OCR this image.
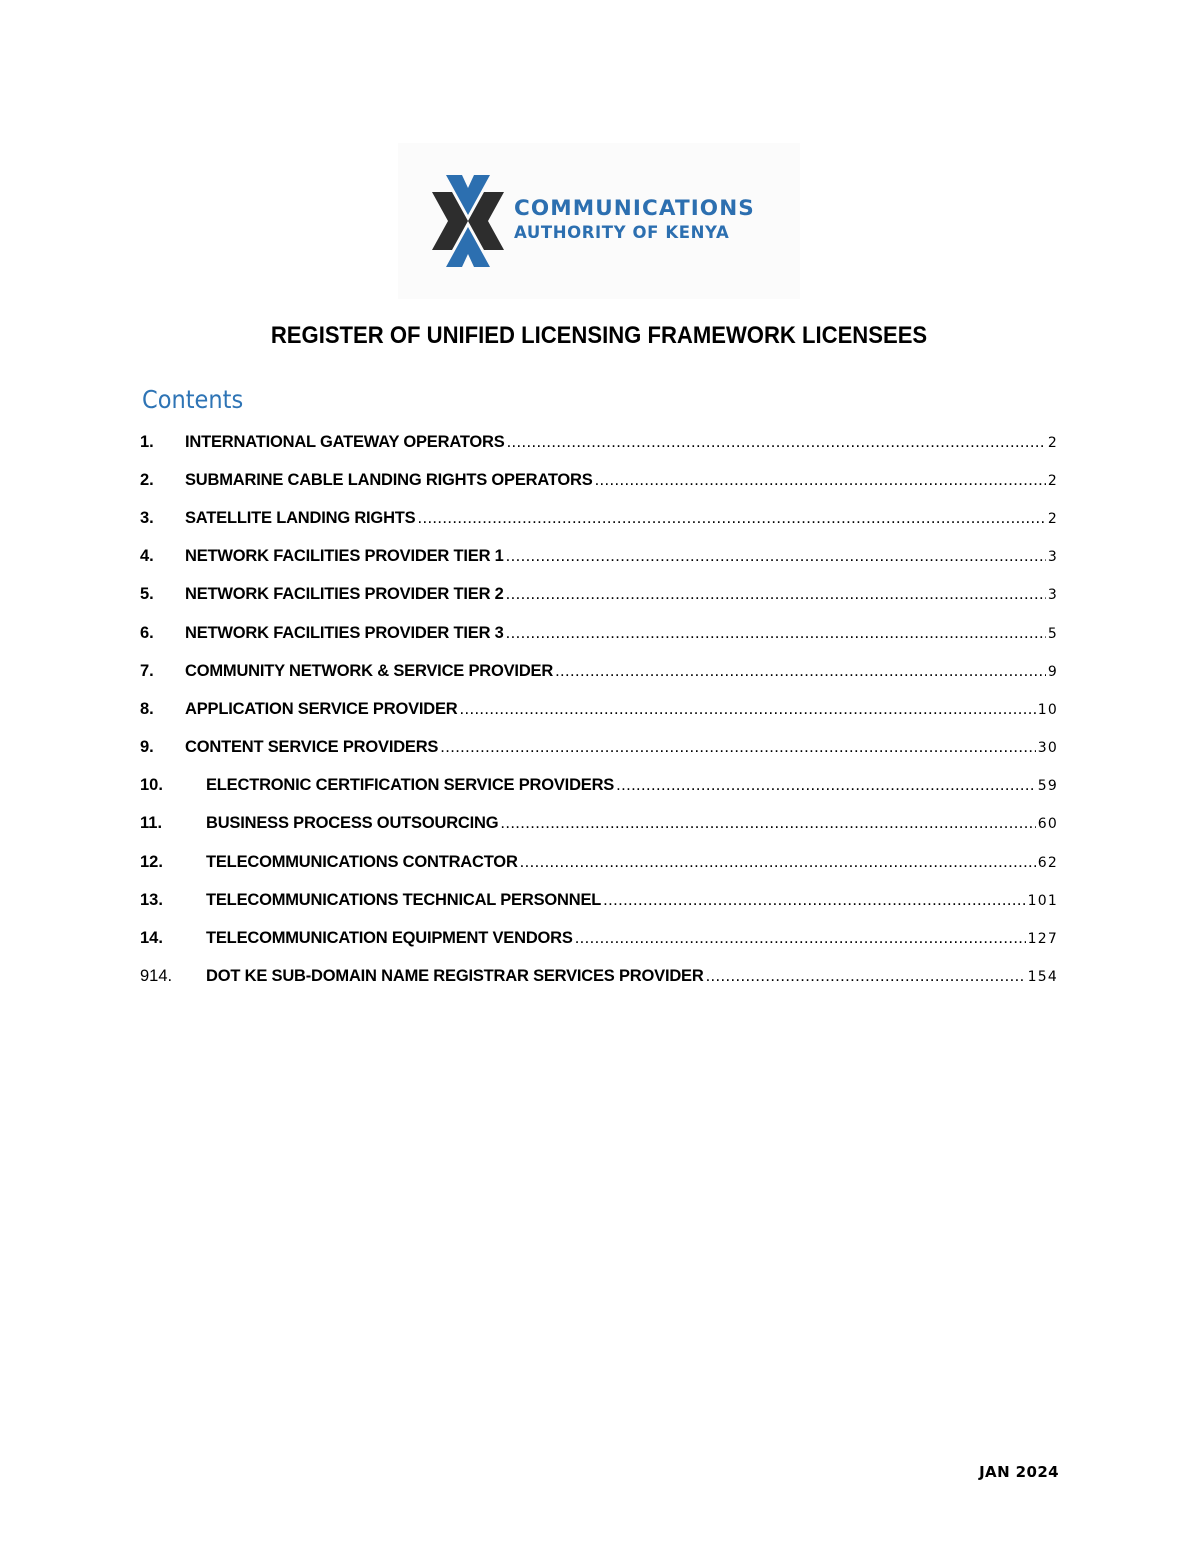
COMMUNICATIONS
AUTHORITY OF KENYA
REGISTER OF UNIFIED LICENSING FRAMEWORK LICENSEES
Contents
1. INTERNATIONAL GATEWAY OPERATORS .....	2
2. SUBMARINE CABLE LANDING RIGHTS OPERATORS .....	2
3. SATELLITE LANDING RIGHTS .....	2
4. NETWORK FACILITIES PROVIDER TIER 1 .....	3
5. NETWORK FACILITIES PROVIDER TIER 2 .....	3
6. NETWORK FACILITIES PROVIDER TIER 3 .....	5
7. COMMUNITY NETWORK & SERVICE PROVIDER .....	9
8. APPLICATION SERVICE PROVIDER .....	10
9. CONTENT SERVICE PROVIDERS .....	30
10.	ELECTRONIC CERTIFICATION SERVICE PROVIDERS .....	59
11.	BUSINESS PROCESS OUTSOURCING .....	60
12.	TELECOMMUNICATIONS CONTRACTOR .....	62
13.	TELECOMMUNICATIONS TECHNICAL PERSONNEL .....	101
14.	TELECOMMUNICATION EQUIPMENT VENDORS .....	127
914. DOT KE SUB-DOMAIN NAME REGISTRAR SERVICES PROVIDER .....	154
JAN 2024
